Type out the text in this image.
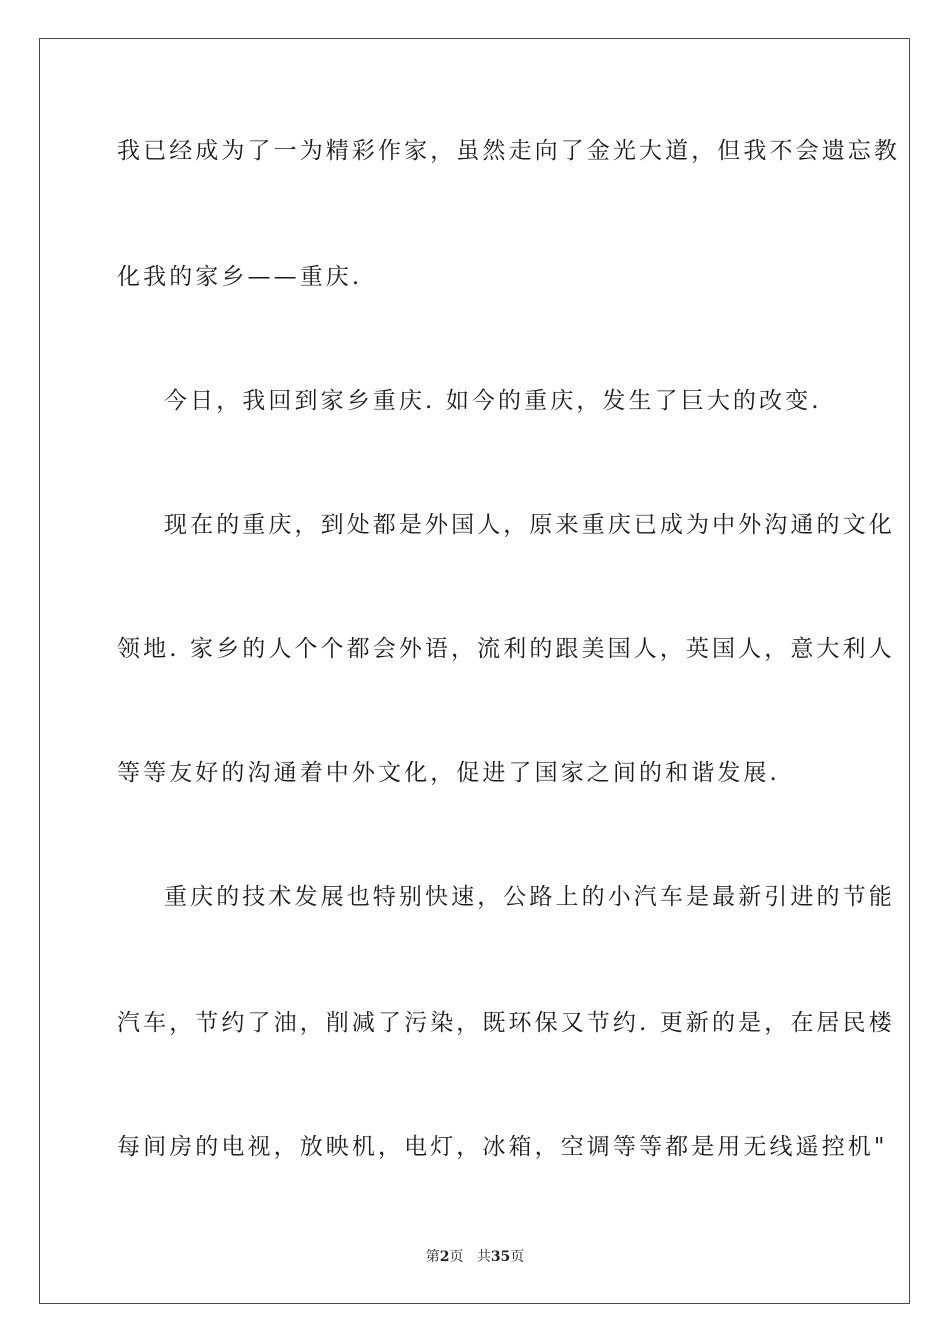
我已经成为了一为精彩作家，虽然走向了金光大道，但我不会遗忘教
化我的家乡——重庆.
今日，我回到家乡重庆. 如今的重庆，发生了巨大的改变.
现在的重庆，到处都是外国人，原来重庆已成为中外沟通的文化
领地. 家乡的人个个都会外语，流利的跟美国人，英国人，意大利人
等等友好的沟通着中外文化，促进了国家之间的和谐发展.
重庆的技术发展也特别快速，公路上的小汽车是最新引进的节能
汽车，节约了油，削减了污染，既环保又节约. 更新的是，在居民楼
每间房的电视，放映机，电灯，冰箱，空调等等都是用无线遥控机"
第2页 共35页
